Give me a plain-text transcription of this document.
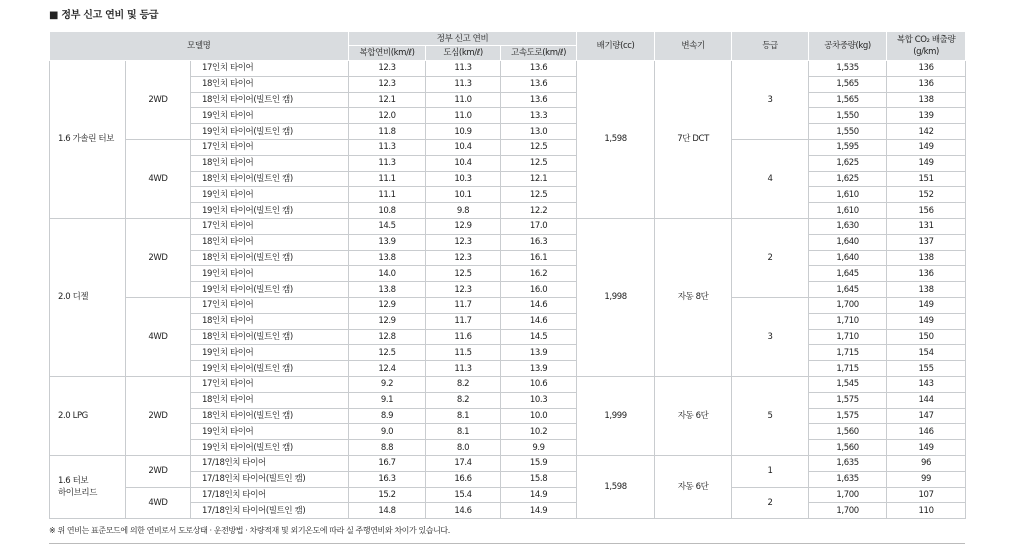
■ 정부 신고 연비 및 등급
모델명			정부 신고 연비			배기량(cc)	변속기	등급	공차중량(kg)	복합 CO₂ 배출량
(g/km)

			복합연비(km/ℓ)	도심(km/ℓ)	고속도로(km/ℓ)					
1.6 가솔린 터보	2WD	17인치 타이어	12.3	11.3	13.6	1,598	7단 DCT	3	1,535	136
		18인치 타이어	12.3	11.3	13.6				1,565	136
		18인치 타이어(빌트인 캠)	12.1	11.0	13.6				1,565	138
		19인치 타이어	12.0	11.0	13.3				1,550	139
		19인치 타이어(빌트인 캠)	11.8	10.9	13.0				1,550	142
	4WD	17인치 타이어	11.3	10.4	12.5			4	1,595	149
		18인치 타이어	11.3	10.4	12.5				1,625	149
		18인치 타이어(빌트인 캠)	11.1	10.3	12.1				1,625	151
		19인치 타이어	11.1	10.1	12.5				1,610	152
		19인치 타이어(빌트인 캠)	10.8	9.8	12.2				1,610	156
2.0 디젤	2WD	17인치 타이어	14.5	12.9	17.0	1,998	자동 8단	2	1,630	131
		18인치 타이어	13.9	12.3	16.3				1,640	137
		18인치 타이어(빌트인 캠)	13.8	12.3	16.1				1,640	138
		19인치 타이어	14.0	12.5	16.2				1,645	136
		19인치 타이어(빌트인 캠)	13.8	12.3	16.0				1,645	138
	4WD	17인치 타이어	12.9	11.7	14.6			3	1,700	149
		18인치 타이어	12.9	11.7	14.6				1,710	149
		18인치 타이어(빌트인 캠)	12.8	11.6	14.5				1,710	150
		19인치 타이어	12.5	11.5	13.9				1,715	154
		19인치 타이어(빌트인 캠)	12.4	11.3	13.9				1,715	155
2.0 LPG	2WD	17인치 타이어	9.2	8.2	10.6	1,999	자동 6단	5	1,545	143
		18인치 타이어	9.1	8.2	10.3				1,575	144
		18인치 타이어(빌트인 캠)	8.9	8.1	10.0				1,575	147
		19인치 타이어	9.0	8.1	10.2				1,560	146
		19인치 타이어(빌트인 캠)	8.8	8.0	9.9				1,560	149

1.6 터보
하이브리드	2WD	17/18인치 타이어	16.7	17.4	15.9	1,598	자동 6단	1	1,635	96
		17/18인치 타이어(빌트인 캠)	16.3	16.6	15.8				1,635	99
	4WD	17/18인치 타이어	15.2	15.4	14.9			2	1,700	107
		17/18인치 타이어(빌트인 캠)	14.8	14.6	14.9				1,700	110
※ 위 연비는 표준모드에 의한 연비로서 도로상태 · 운전방법 · 차량적재 및 외기온도에 따라 실 주행연비와 차이가 있습니다.
